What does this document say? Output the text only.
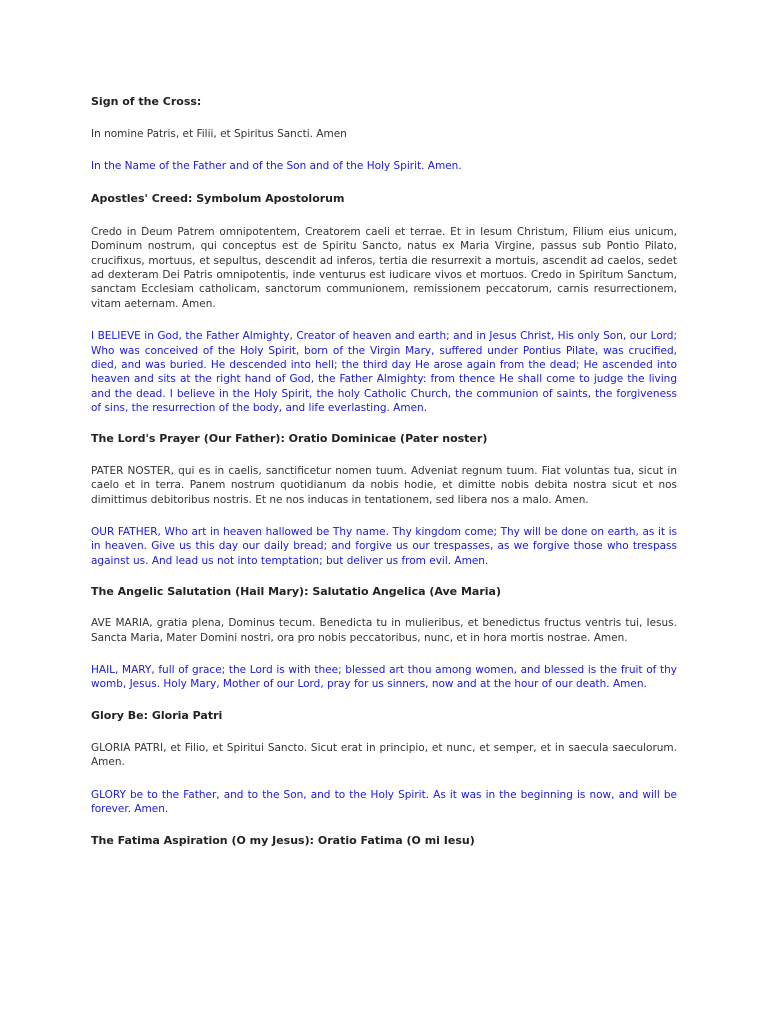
Sign of the Cross:

In nomine Patris, et Filii, et Spiritus Sancti. Amen

In the Name of the Father and of the Son and of the Holy Spirit. Amen.

Apostles' Creed: Symbolum Apostolorum

Credo in Deum Patrem omnipotentem, Creatorem caeli et terrae. Et in Iesum Christum, Filium eius unicum, Dominum nostrum, qui conceptus est de Spiritu Sancto, natus ex Maria Virgine, passus sub Pontio Pilato, crucifixus, mortuus, et sepultus, descendit ad inferos, tertia die resurrexit a mortuis, ascendit ad caelos, sedet ad dexteram Dei Patris omnipotentis, inde venturus est iudicare vivos et mortuos. Credo in Spiritum Sanctum, sanctam Ecclesiam catholicam, sanctorum communionem, remissionem peccatorum, carnis resurrectionem, vitam aeternam. Amen.

I BELIEVE in God, the Father Almighty, Creator of heaven and earth; and in Jesus Christ, His only Son, our Lord; Who was conceived of the Holy Spirit, born of the Virgin Mary, suffered under Pontius Pilate, was crucified, died, and was buried. He descended into hell; the third day He arose again from the dead; He ascended into heaven and sits at the right hand of God, the Father Almighty: from thence He shall come to judge the living and the dead. I believe in the Holy Spirit, the holy Catholic Church, the communion of saints, the forgiveness of sins, the resurrection of the body, and life everlasting. Amen.

The Lord's Prayer (Our Father): Oratio Dominicae (Pater noster)

PATER NOSTER, qui es in caelis, sanctificetur nomen tuum. Adveniat regnum tuum. Fiat voluntas tua, sicut in caelo et in terra. Panem nostrum quotidianum da nobis hodie, et dimitte nobis debita nostra sicut et nos dimittimus debitoribus nostris. Et ne nos inducas in tentationem, sed libera nos a malo. Amen.

OUR FATHER, Who art in heaven hallowed be Thy name. Thy kingdom come; Thy will be done on earth, as it is in heaven. Give us this day our daily bread; and forgive us our trespasses, as we forgive those who trespass against us. And lead us not into temptation; but deliver us from evil. Amen.

The Angelic Salutation (Hail Mary): Salutatio Angelica (Ave Maria)

AVE MARIA, gratia plena, Dominus tecum. Benedicta tu in mulieribus, et benedictus fructus ventris tui, Iesus. Sancta Maria, Mater Domini nostri, ora pro nobis peccatoribus, nunc, et in hora mortis nostrae. Amen.

HAIL, MARY, full of grace; the Lord is with thee; blessed art thou among women, and blessed is the fruit of thy womb, Jesus. Holy Mary, Mother of our Lord, pray for us sinners, now and at the hour of our death. Amen.

Glory Be: Gloria Patri

GLORIA PATRI, et Filio, et Spiritui Sancto. Sicut erat in principio, et nunc, et semper, et in saecula saeculorum. Amen.

GLORY be to the Father, and to the Son, and to the Holy Spirit. As it was in the beginning is now, and will be forever. Amen.

The Fatima Aspiration (O my Jesus): Oratio Fatima (O mi Iesu)
